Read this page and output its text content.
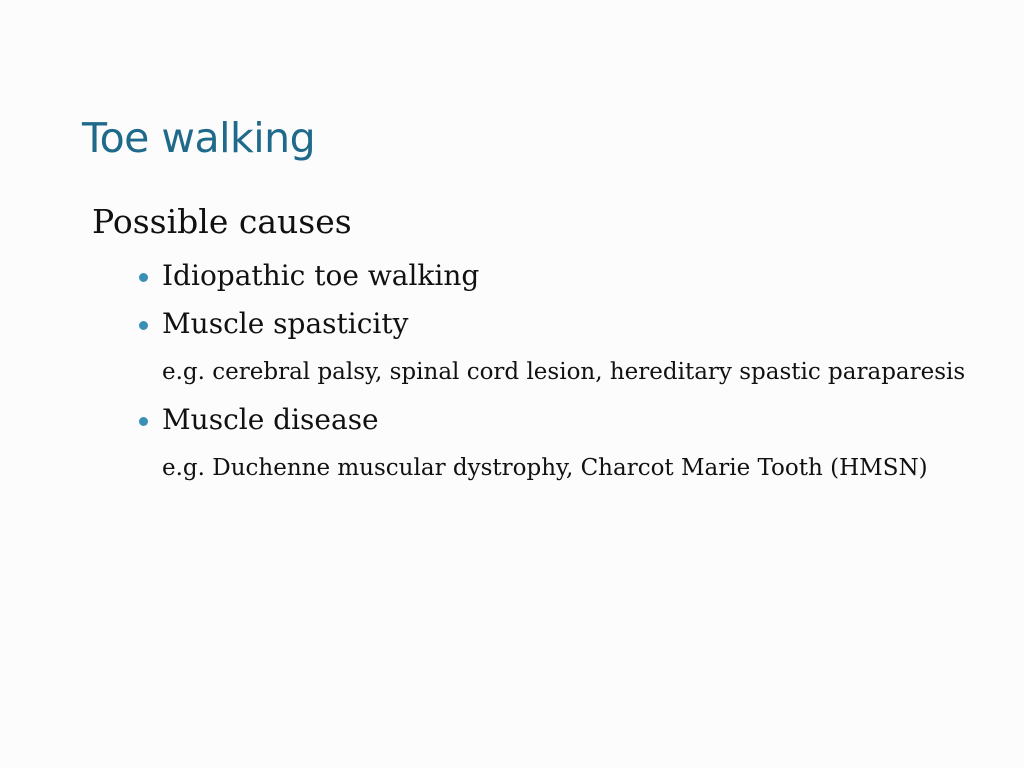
Toe walking
Possible causes
Idiopathic toe walking
Muscle spasticity
e.g. cerebral palsy, spinal cord lesion, hereditary spastic paraparesis
Muscle disease
e.g. Duchenne muscular dystrophy, Charcot Marie Tooth (HMSN)
